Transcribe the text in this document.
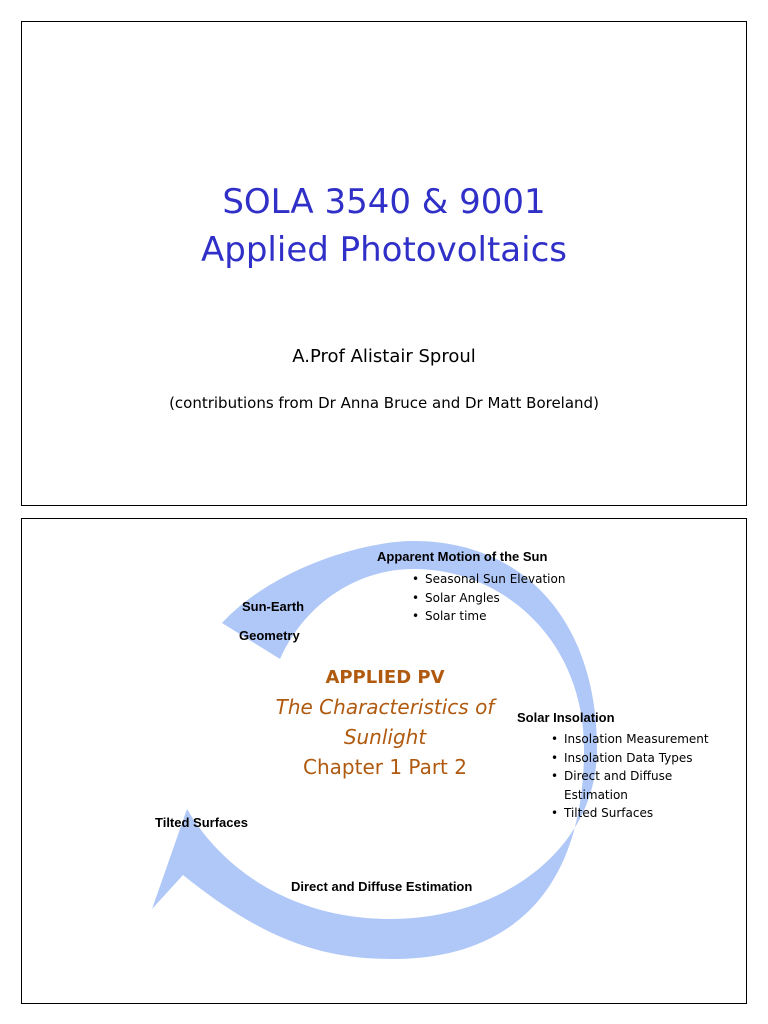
SOLA 3540 & 9001
Applied Photovoltaics
A.Prof Alistair Sproul
(contributions from Dr Anna Bruce and Dr Matt Boreland)
Sun-Earth
Geometry
Apparent Motion of the Sun
• Seasonal Sun Elevation
• Solar Angles
• Solar time
APPLIED PV
The Characteristics of
Sunlight
Chapter 1 Part 2
Solar Insolation
• Insolation Measurement
• Insolation Data Types
• Direct and Diffuse
Estimation
• Tilted Surfaces
Tilted Surfaces
Direct and Diffuse Estimation
